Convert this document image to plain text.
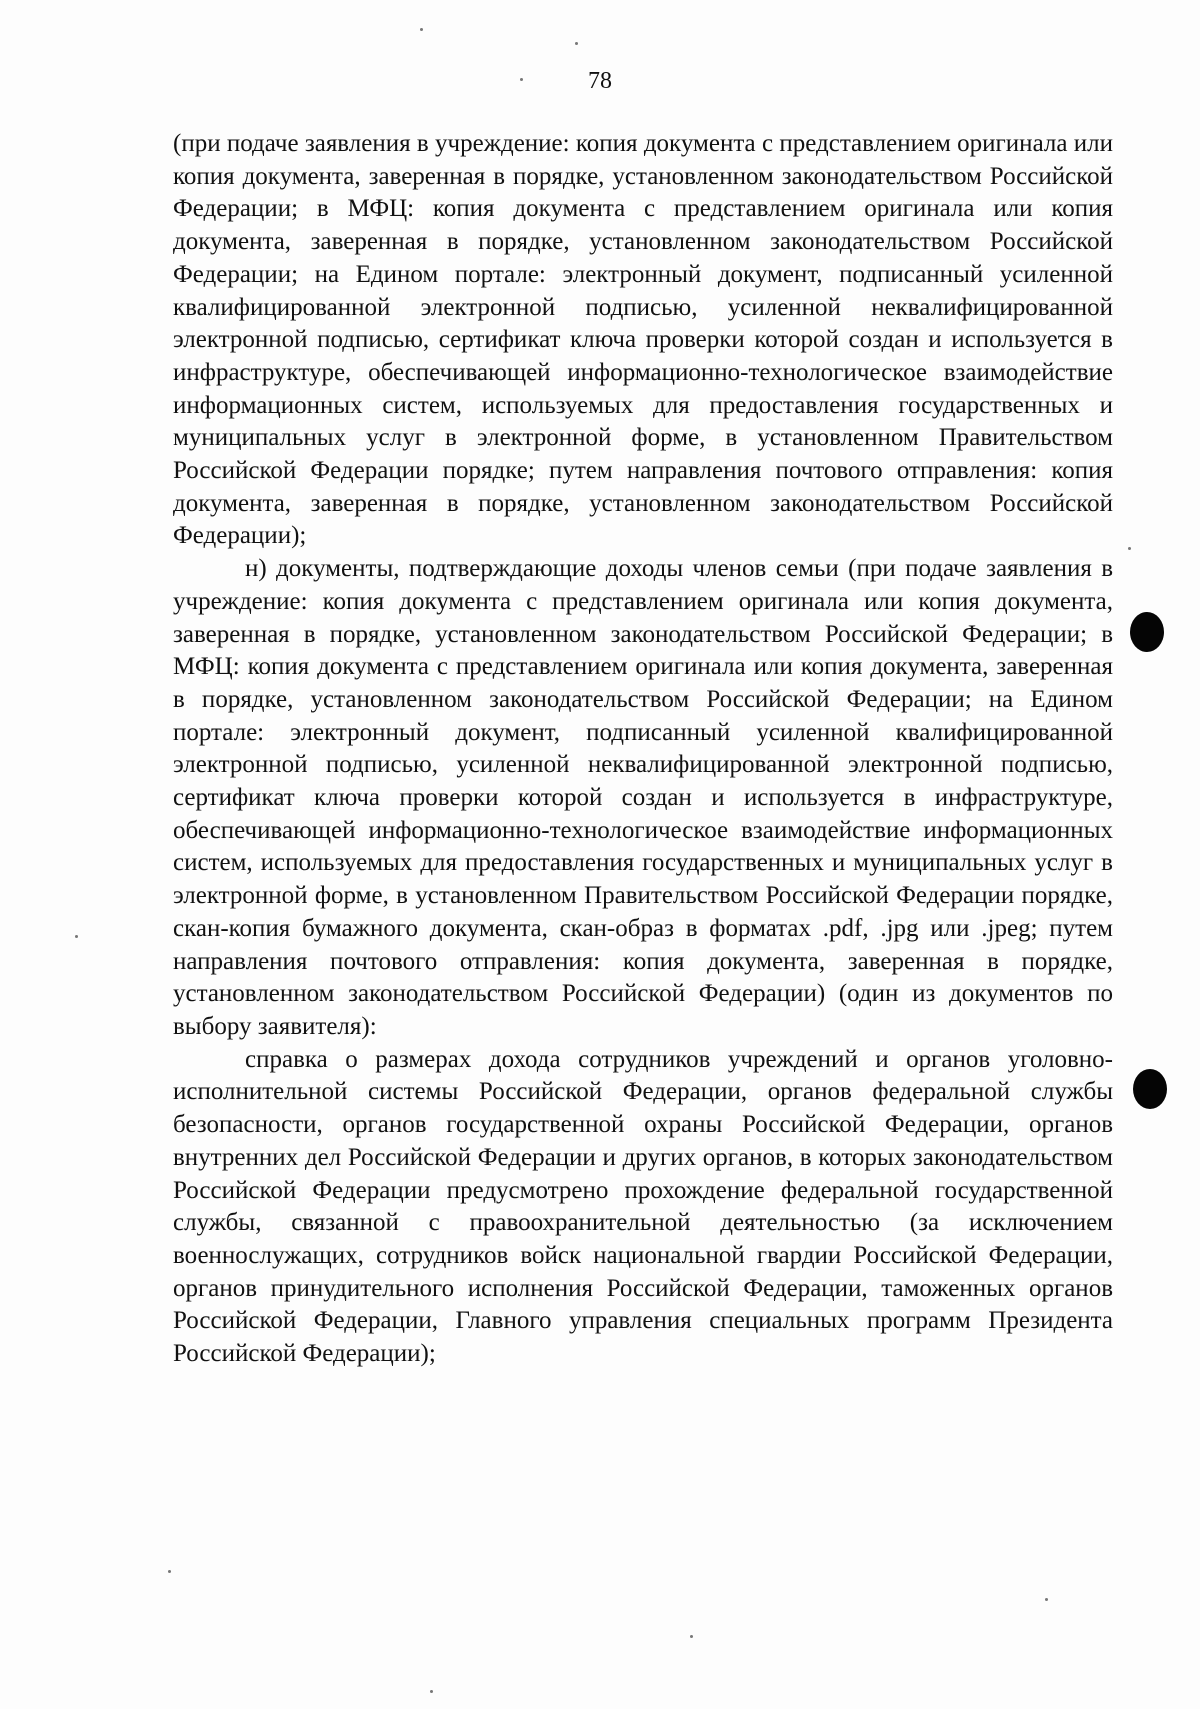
78

(при подаче заявления в учреждение: копия документа с представлением оригинала или копия документа, заверенная в порядке, установленном законодательством Российской Федерации; в МФЦ: копия документа с представлением оригинала или копия документа, заверенная в порядке, установленном законодательством Российской Федерации; на Едином портале: электронный документ, подписанный усиленной квалифицированной электронной подписью, усиленной неквалифицированной электронной подписью, сертификат ключа проверки которой создан и используется в инфраструктуре, обеспечивающей информационно-технологическое взаимодействие информационных систем, используемых для предоставления государственных и муниципальных услуг в электронной форме, в установленном Правительством Российской Федерации порядке; путем направления почтового отправления: копия документа, заверенная в порядке, установленном законодательством Российской Федерации);

н) документы, подтверждающие доходы членов семьи (при подаче заявления в учреждение: копия документа с представлением оригинала или копия документа, заверенная в порядке, установленном законодательством Российской Федерации; в МФЦ: копия документа с представлением оригинала или копия документа, заверенная в порядке, установленном законодательством Российской Федерации; на Едином портале: электронный документ, подписанный усиленной квалифицированной электронной подписью, усиленной неквалифицированной электронной подписью, сертификат ключа проверки которой создан и используется в инфраструктуре, обеспечивающей информационно-технологическое взаимодействие информационных систем, используемых для предоставления государственных и муниципальных услуг в электронной форме, в установленном Правительством Российской Федерации порядке, скан-копия бумажного документа, скан-образ в форматах .pdf, .jpg или .jpeg; путем направления почтового отправления: копия документа, заверенная в порядке, установленном законодательством Российской Федерации) (один из документов по выбору заявителя):

справка о размерах дохода сотрудников учреждений и органов уголовно-исполнительной системы Российской Федерации, органов федеральной службы безопасности, органов государственной охраны Российской Федерации, органов внутренних дел Российской Федерации и других органов, в которых законодательством Российской Федерации предусмотрено прохождение федеральной государственной службы, связанной с правоохранительной деятельностью (за исключением военнослужащих, сотрудников войск национальной гвардии Российской Федерации, органов принудительного исполнения Российской Федерации, таможенных органов Российской Федерации, Главного управления специальных программ Президента Российской Федерации);
